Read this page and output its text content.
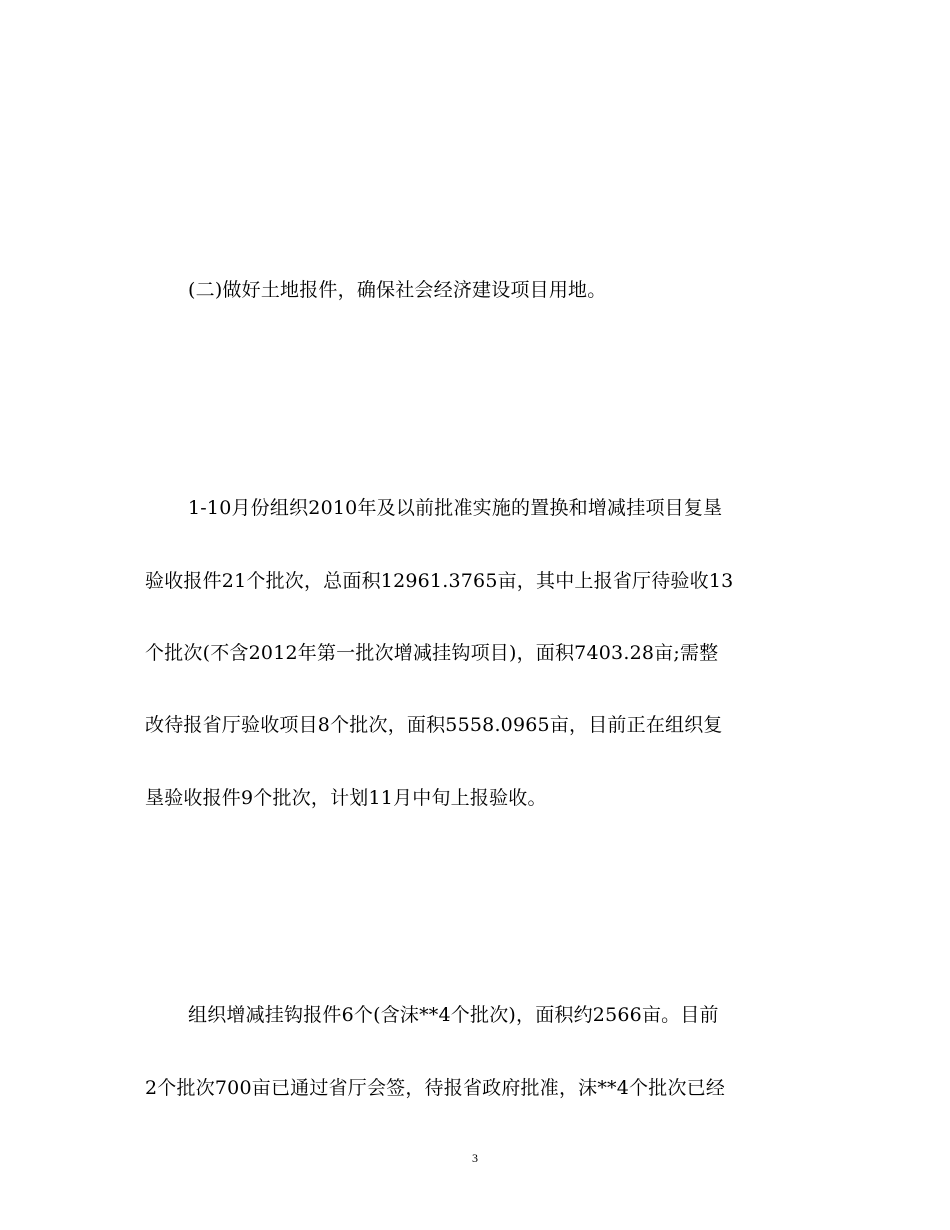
(二)做好土地报件，确保社会经济建设项目用地。
1-10月份组织2010年及以前批准实施的置换和增减挂项目复垦
验收报件21个批次，总面积12961.3765亩，其中上报省厅待验收13
个批次(不含2012年第一批次增减挂钩项目)，面积7403.28亩;需整
改待报省厅验收项目8个批次，面积5558.0965亩，目前正在组织复
垦验收报件9个批次，计划11月中旬上报验收。
组织增减挂钩报件6个(含沫**4个批次)，面积约2566亩。目前
2个批次700亩已通过省厅会签，待报省政府批准，沫**4个批次已经
3
